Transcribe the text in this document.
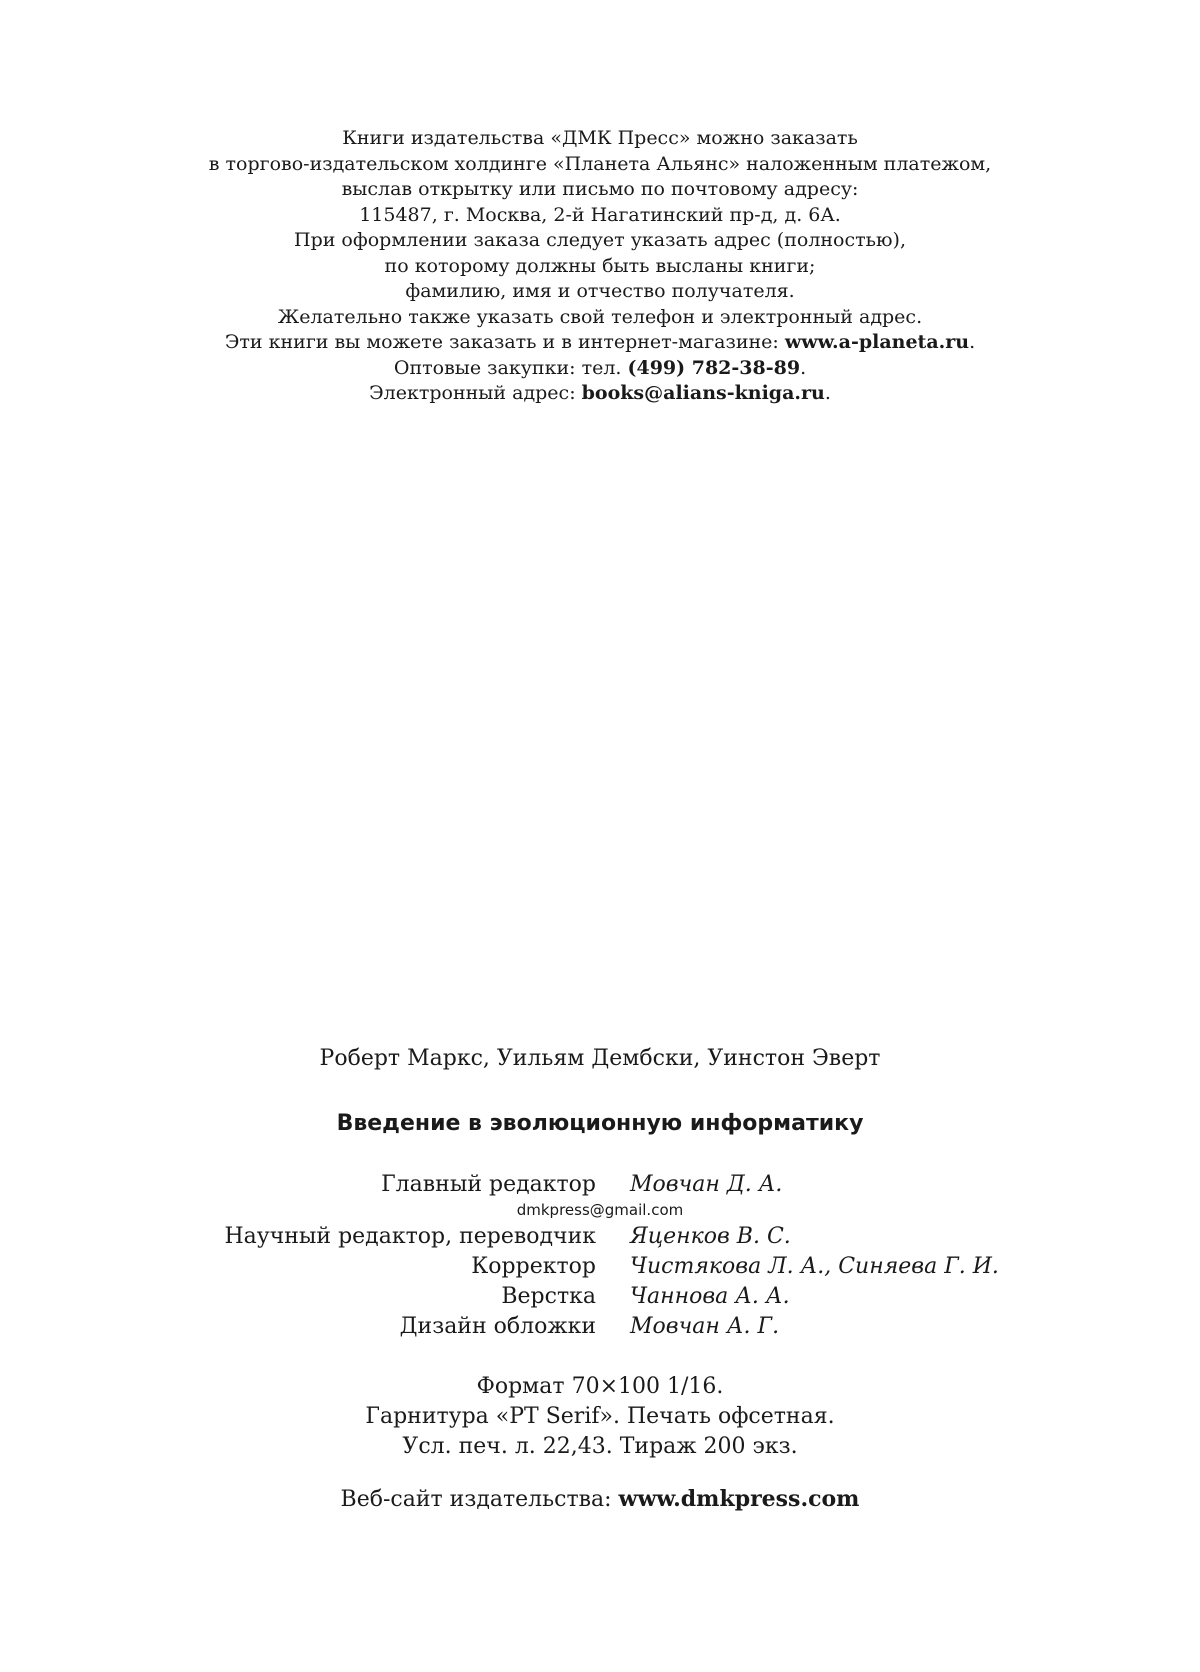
Книги издательства «ДМК Пресс» можно заказать
в торгово-издательском холдинге «Планета Альянс» наложенным платежом,
выслав открытку или письмо по почтовому адресу:
115487, г. Москва, 2-й Нагатинский пр-д, д. 6А.
При оформлении заказа следует указать адрес (полностью),
по которому должны быть высланы книги;
фамилию, имя и отчество получателя.
Желательно также указать свой телефон и электронный адрес.
Эти книги вы можете заказать и в интернет-магазине: www.a-planeta.ru.
Оптовые закупки: тел. (499) 782-38-89.
Электронный адрес: books@alians-kniga.ru.
Роберт Маркс, Уильям Дембски, Уинстон Эверт
Введение в эволюционную информатику
Главный редактор Мовчан Д. А.
dmkpress@gmail.com
Научный редактор, переводчик Яценков В. С.
Корректор Чистякова Л. А., Синяева Г. И.
Верстка Чаннова А. А.
Дизайн обложки Мовчан А. Г.
Формат 70×100 1/16.
Гарнитура «PT Serif». Печать офсетная.
Усл. печ. л. 22,43. Тираж 200 экз.
Веб-сайт издательства: www.dmkpress.com
